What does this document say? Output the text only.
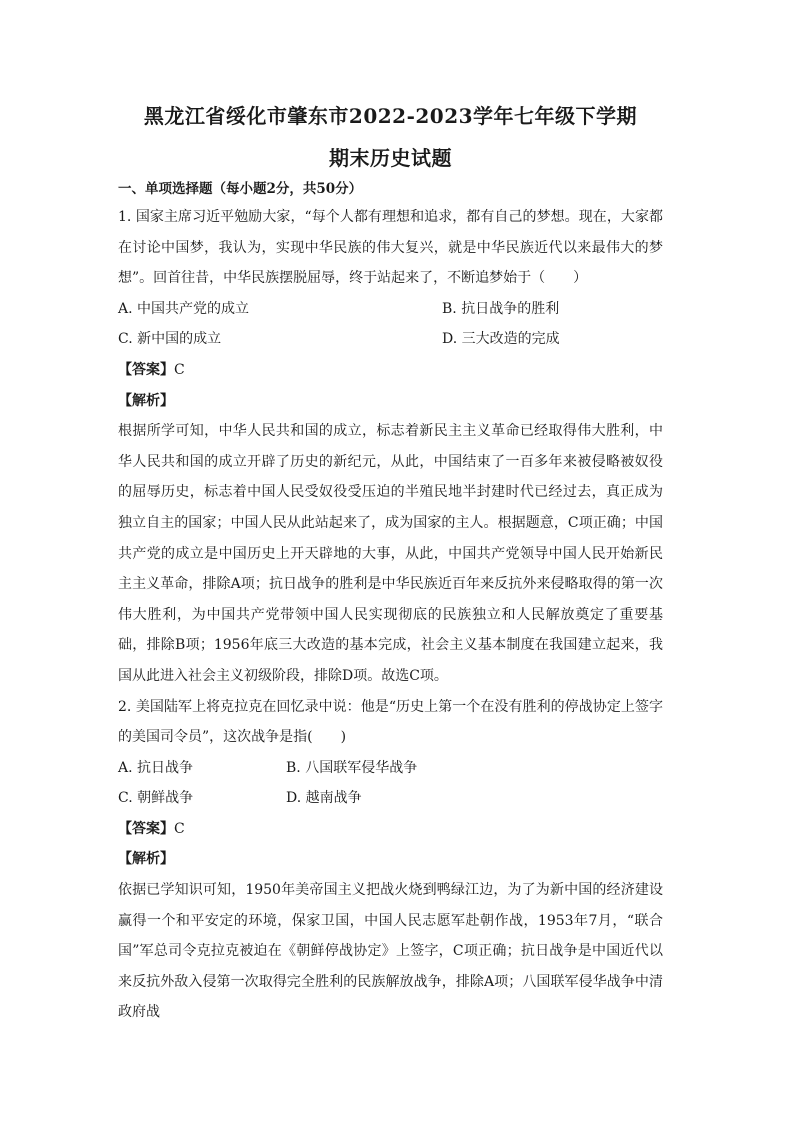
黑龙江省绥化市肇东市2022-2023学年七年级下学期

期末历史试题

一、单项选择题（每小题2分，共50分）

1. 国家主席习近平勉励大家，“每个人都有理想和追求，都有自己的梦想。现在，大家都在讨论中国梦，我认为，实现中华民族的伟大复兴，就是中华民族近代以来最伟大的梦想”。回首往昔，中华民族摆脱屈辱，终于站起来了，不断追梦始于（　　）

A. 中国共产党的成立	B. 抗日战争的胜利
C. 新中国的成立	D. 三大改造的完成
【答案】C
【解析】

根据所学可知，中华人民共和国的成立，标志着新民主主义革命已经取得伟大胜利，中华人民共和国的成立开辟了历史的新纪元，从此，中国结束了一百多年来被侵略被奴役的屈辱历史，标志着中国人民受奴役受压迫的半殖民地半封建时代已经过去，真正成为独立自主的国家；中国人民从此站起来了，成为国家的主人。根据题意，C项正确；中国共产党的成立是中国历史上开天辟地的大事，从此，中国共产党领导中国人民开始新民主主义革命，排除A项；抗日战争的胜利是中华民族近百年来反抗外来侵略取得的第一次伟大胜利，为中国共产党带领中国人民实现彻底的民族独立和人民解放奠定了重要基础，排除B项；1956年底三大改造的基本完成，社会主义基本制度在我国建立起来，我国从此进入社会主义初级阶段，排除D项。故选C项。

2. 美国陆军上将克拉克在回忆录中说：他是“历史上第一个在没有胜利的停战协定上签字的美国司令员”，这次战争是指(　　)

A. 抗日战争	B. 八国联军侵华战争
C. 朝鲜战争	D. 越南战争
【答案】C
【解析】

依据已学知识可知，1950年美帝国主义把战火烧到鸭绿江边，为了为新中国的经济建设赢得一个和平安定的环境，保家卫国，中国人民志愿军赴朝作战，1953年7月，“联合国”军总司令克拉克被迫在《朝鲜停战协定》上签字，C项正确；抗日战争是中国近代以来反抗外敌入侵第一次取得完全胜利的民族解放战争，排除A项；八国联军侵华战争中清政府战
